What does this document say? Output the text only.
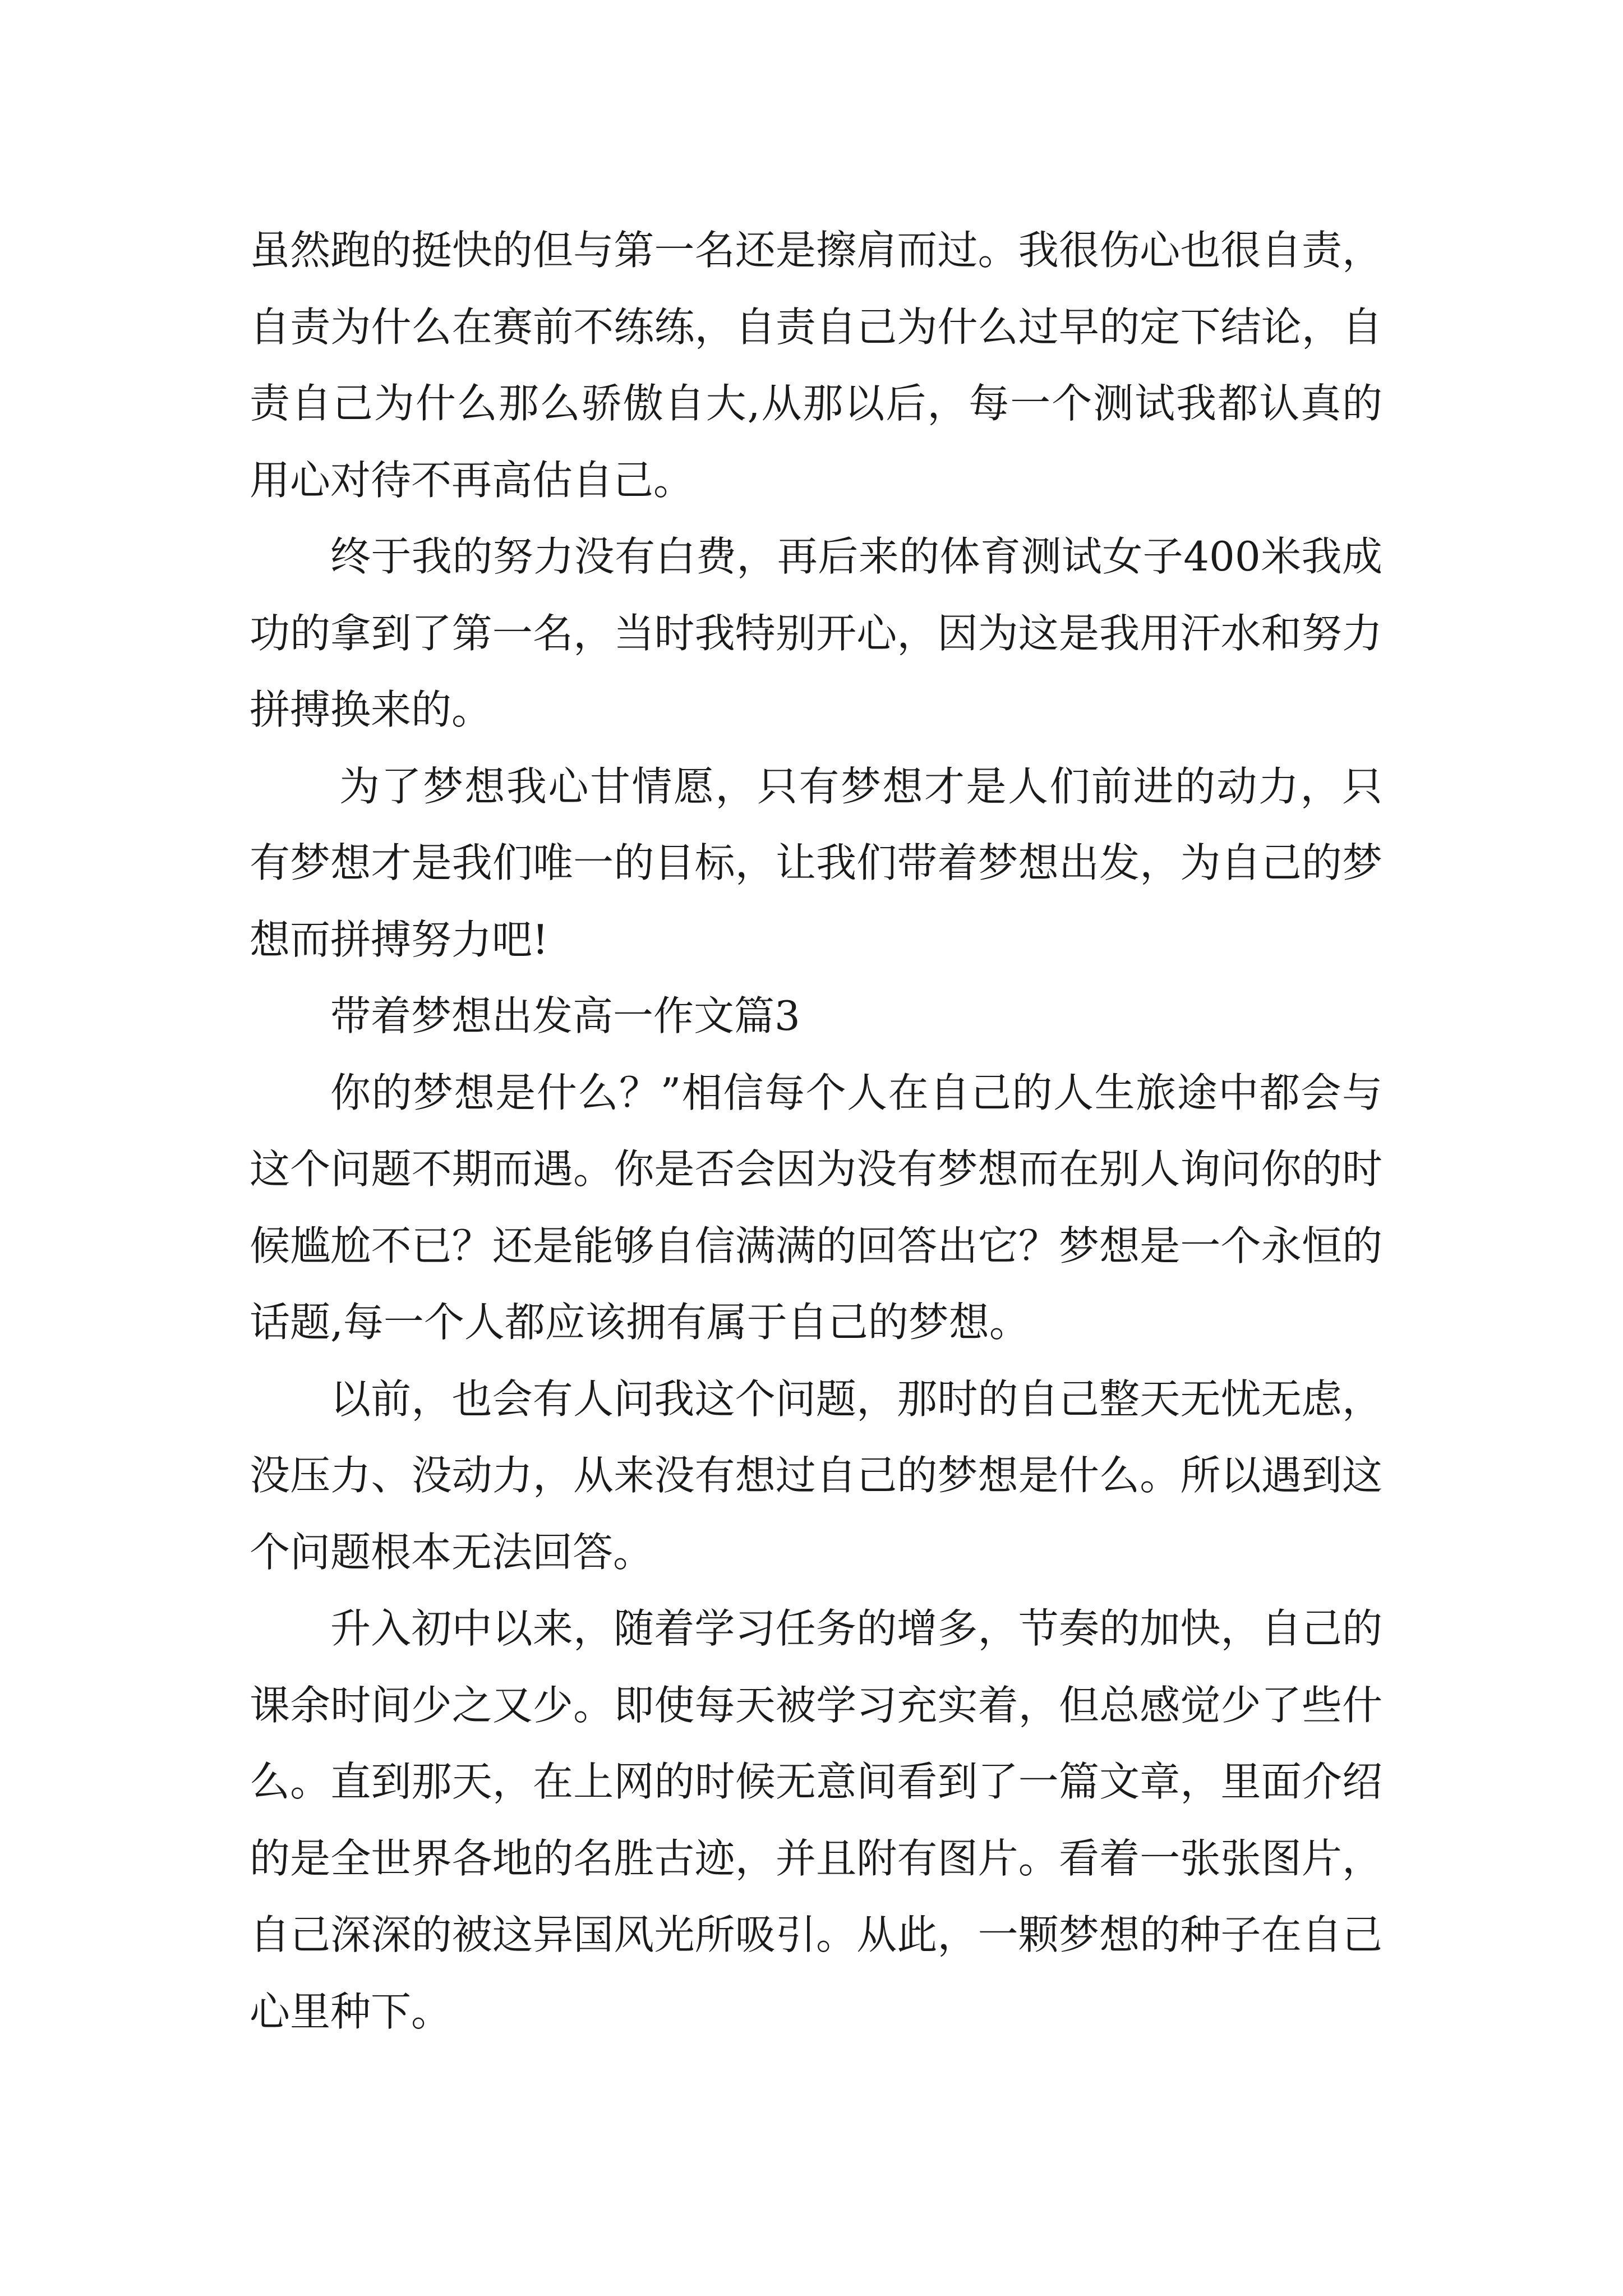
虽然跑的挺快的但与第一名还是擦肩而过。我很伤心也很自责，自责为什么在赛前不练练，自责自己为什么过早的定下结论，自责自己为什么那么骄傲自大,从那以后，每一个测试我都认真的用心对待不再高估自己。

终于我的努力没有白费，再后来的体育测试女子400米我成功的拿到了第一名，当时我特别开心，因为这是我用汗水和努力拼搏换来的。

为了梦想我心甘情愿，只有梦想才是人们前进的动力，只有梦想才是我们唯一的目标，让我们带着梦想出发，为自己的梦想而拼搏努力吧!

带着梦想出发高一作文篇3

你的梦想是什么？”相信每个人在自己的人生旅途中都会与这个问题不期而遇。你是否会因为没有梦想而在别人询问你的时候尴尬不已？还是能够自信满满的回答出它？梦想是一个永恒的话题,每一个人都应该拥有属于自己的梦想。

以前，也会有人问我这个问题，那时的自己整天无忧无虑，没压力、没动力，从来没有想过自己的梦想是什么。所以遇到这个问题根本无法回答。

升入初中以来，随着学习任务的增多，节奏的加快，自己的课余时间少之又少。即使每天被学习充实着，但总感觉少了些什么。直到那天，在上网的时候无意间看到了一篇文章，里面介绍的是全世界各地的名胜古迹，并且附有图片。看着一张张图片，自己深深的被这异国风光所吸引。从此，一颗梦想的种子在自己心里种下。
